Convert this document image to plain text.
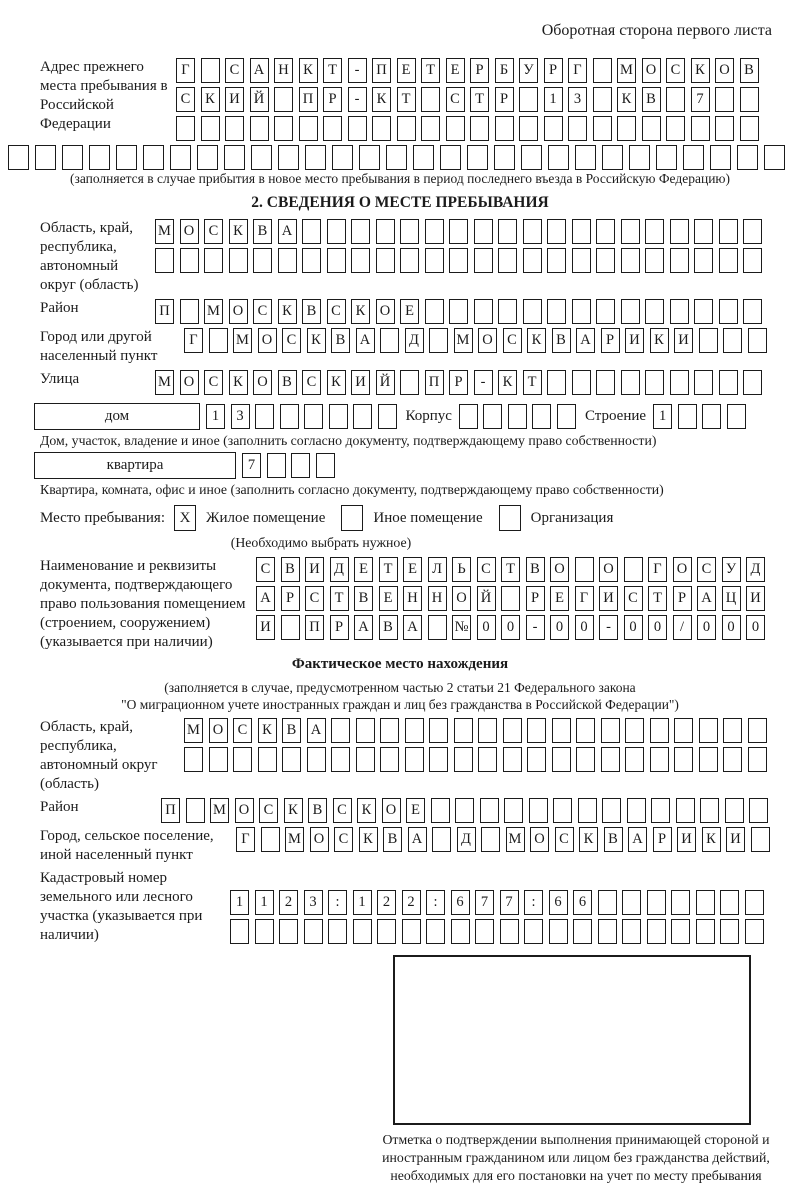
Оборотная сторона первого листа
Адрес прежнего места пребывания в Российской Федерации
Г	С А Н К	Т	-	П	Е	Т	Е	Р	Б	У	Р	Г	М О С	К О В
С	К И Й	П	Р	-	К	Т	С	Т	Р	1	3	К	В	7
(заполняется в случае прибытия в новое место пребывания в период последнего въезда в Российскую Федерацию)
2. СВЕДЕНИЯ О МЕСТЕ ПРЕБЫВАНИЯ
Область, край, республика, автономный округ (область)
М О С	К	В А
Район	П	М О С	К	В	С	К О	Е
Город или другой населенный пункт
Г	М О С	К	В А	Д	М О С	К	В А	Р	И К И
Улица	М О С	К О В	С	К И Й	П	Р	-	К	Т
дом	1	3	Корпус	Строение 1
Дом, участок, владение и иное (заполнить согласно документу, подтверждающему право собственности)
квартира	7
Квартира, комната, офис и иное (заполнить согласно документу, подтверждающему право собственности)
Место пребывания: X	Жилое помещение	Иное помещение	Организация
(Необходимо выбрать нужное)
Наименование и реквизиты документа, подтверждающего право пользования помещением (строением, сооружением) (указывается при наличии)
С	В И Д	Е	Т	Е	Л	Ь	С	Т	В О	О	Г	О С	У Д
А	Р	С	Т	В	Е	Н Н О Й	Р	Е	Г	И С	Т	Р	А Ц И
И	П	Р	А В А	№ 0	0	-	0	0	-	0	0	/	0	0	0
Фактическое место нахождения
(заполняется в случае, предусмотренном частью 2 статьи 21 Федерального закона
"О миграционном учете иностранных граждан и лиц без гражданства в Российской Федерации")
Область, край, республика, автономный округ (область)
М О С	К	В А
Район	П	М О С	К	В	С	К О	Е
Город, сельское поселение, иной населенный пункт
Г	М О С	К	В А	Д	М О С	К	В А	Р	И К И
Кадастровый номер земельного или лесного участка (указывается при наличии)
1	1	2	3	:	1	2	2	:	6	7	7	:	6	6
Отметка о подтверждении выполнения принимающей стороной и иностранным гражданином или лицом без гражданства действий, необходимых для его постановки на учет по месту пребывания
